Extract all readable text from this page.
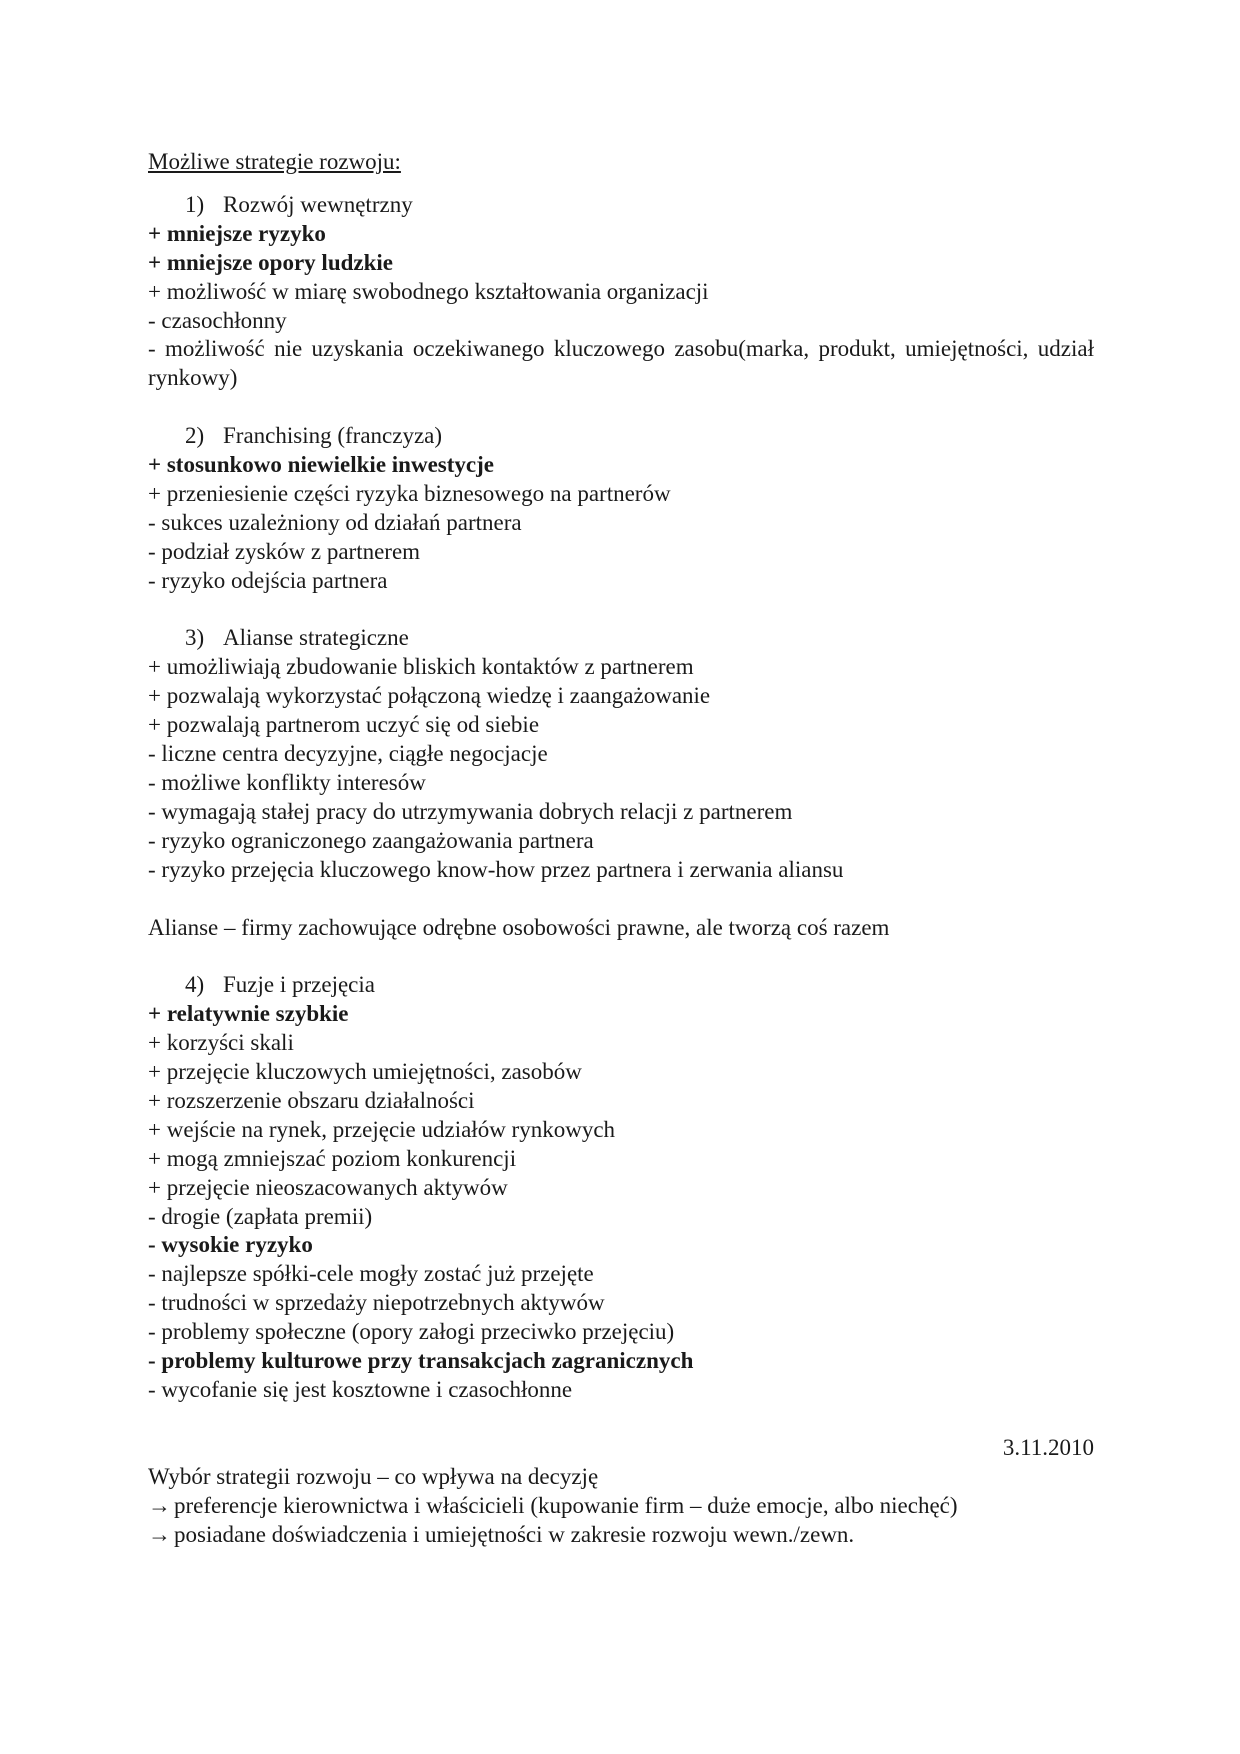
Możliwe strategie rozwoju:
1) Rozwój wewnętrzny
+ mniejsze ryzyko
+ mniejsze opory ludzkie
+ możliwość w miarę swobodnego kształtowania organizacji
- czasochłonny
- możliwość nie uzyskania oczekiwanego kluczowego zasobu(marka, produkt, umiejętności, udział rynkowy)
2) Franchising (franczyza)
+ stosunkowo niewielkie inwestycje
+ przeniesienie części ryzyka biznesowego na partnerów
- sukces uzależniony od działań partnera
- podział zysków z partnerem
- ryzyko odejścia partnera
3) Alianse strategiczne
+ umożliwiają zbudowanie bliskich kontaktów z partnerem
+ pozwalają wykorzystać połączoną wiedzę i zaangażowanie
+ pozwalają partnerom uczyć się od siebie
- liczne centra decyzyjne, ciągłe negocjacje
- możliwe konflikty interesów
- wymagają stałej pracy do utrzymywania dobrych relacji z partnerem
- ryzyko ograniczonego zaangażowania partnera
- ryzyko przejęcia kluczowego know-how przez partnera i zerwania aliansu
Alianse – firmy zachowujące odrębne osobowości prawne, ale tworzą coś razem
4) Fuzje i przejęcia
+ relatywnie szybkie
+ korzyści skali
+ przejęcie kluczowych umiejętności, zasobów
+ rozszerzenie obszaru działalności
+ wejście na rynek, przejęcie udziałów rynkowych
+ mogą zmniejszać poziom konkurencji
+ przejęcie nieoszacowanych aktywów
- drogie (zapłata premii)
- wysokie ryzyko
- najlepsze spółki-cele mogły zostać już przejęte
- trudności w sprzedaży niepotrzebnych aktywów
- problemy społeczne (opory załogi przeciwko przejęciu)
- problemy kulturowe przy transakcjach zagranicznych
- wycofanie się jest kosztowne i czasochłonne
3.11.2010
Wybór strategii rozwoju – co wpływa na decyzję
→ preferencje kierownictwa i właścicieli (kupowanie firm – duże emocje, albo niechęć)
→ posiadane doświadczenia i umiejętności w zakresie rozwoju wewn./zewn.
